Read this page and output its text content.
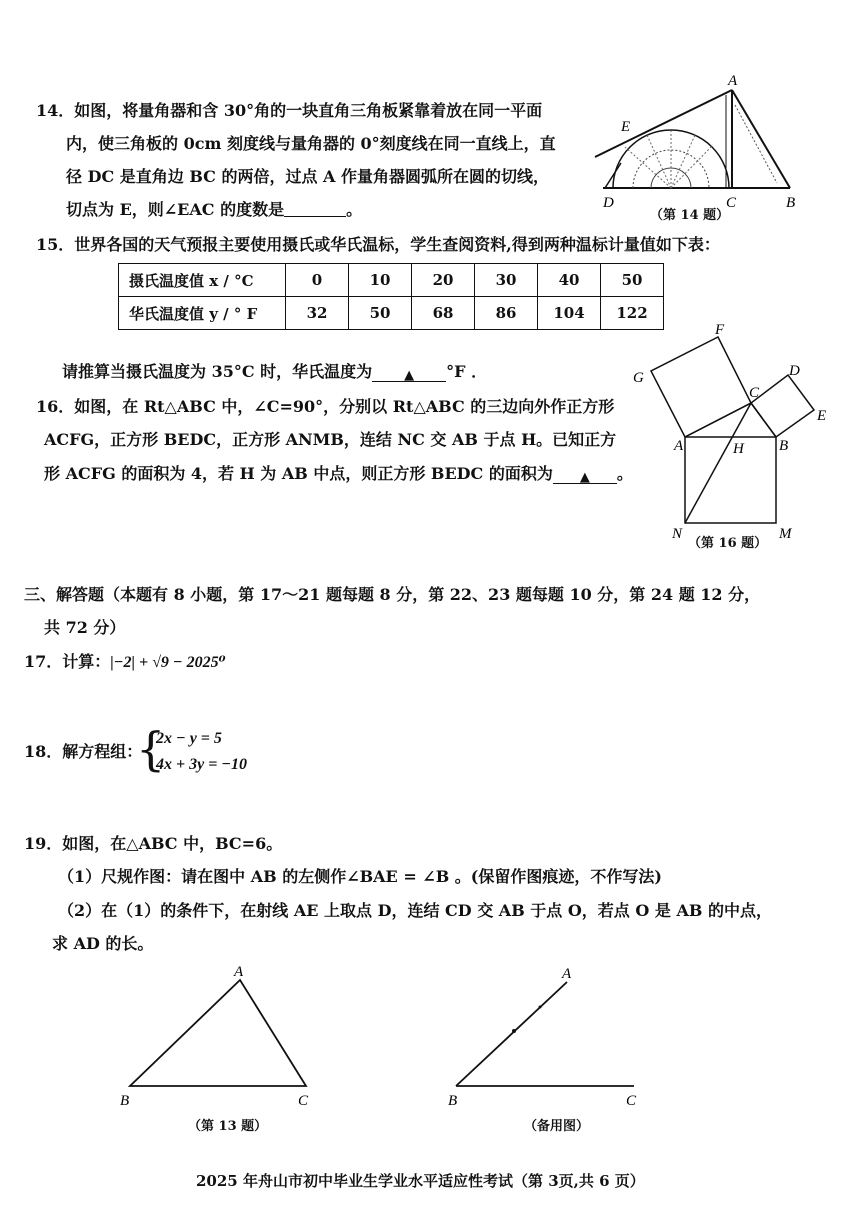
14．如图，将量角器和含 30°角的一块直角三角板紧靠着放在同一平面
内，使三角板的 0cm 刻度线与量角器的 0°刻度线在同一直线上，直
径 DC 是直角边 BC 的两倍，过点 A 作量角器圆弧所在圆的切线，
切点为 E，则∠EAC 的度数是	。
A
E
D	C	B
（第 14 题）
15．世界各国的天气预报主要使用摄氏或华氏温标，学生查阅资料,得到两种温标计量值如下表：
摄氏温度值 x / °C	0	10	20	30	40	50
华氏温度值 y / ° F	32	50	68	86	104	122
请推算当摄氏温度为 35°C 时，华氏温度为 ▲ °F ．
16．如图，在 Rt△ABC 中，∠C=90°，分别以 Rt△ABC 的三边向外作正方形
ACFG，正方形 BEDC，正方形 ANMB，连结 NC 交 AB 于点 H。已知正方
形 ACFG 的面积为 4，若 H 为 AB 中点，则正方形 BEDC 的面积为 ▲ 。
F
G
C
D
E
A	H B
N	M
（第 16 题）
三、解答题（本题有 8 小题，第 17～21 题每题 8 分，第 22、23 题每题 10 分，第 24 题 12 分，
共 72 分）
17．计算：|−2| + √9 − 2025⁰
18．解方程组：
{
2x − y = 5
4x + 3y = −10
19．如图，在△ABC 中，BC=6。
（1）尺规作图：请在图中 AB 的左侧作∠BAE = ∠B 。(保留作图痕迹，不作写法)
（2）在（1）的条件下，在射线 AE 上取点 D，连结 CD 交 AB 于点 O，若点 O 是 AB 的中点，
求 AD 的长。
A
B	C
（第 13 题）
A
B	C
（备用图）
2025 年舟山市初中毕业生学业水平适应性考试（第 3页,共 6 页）
